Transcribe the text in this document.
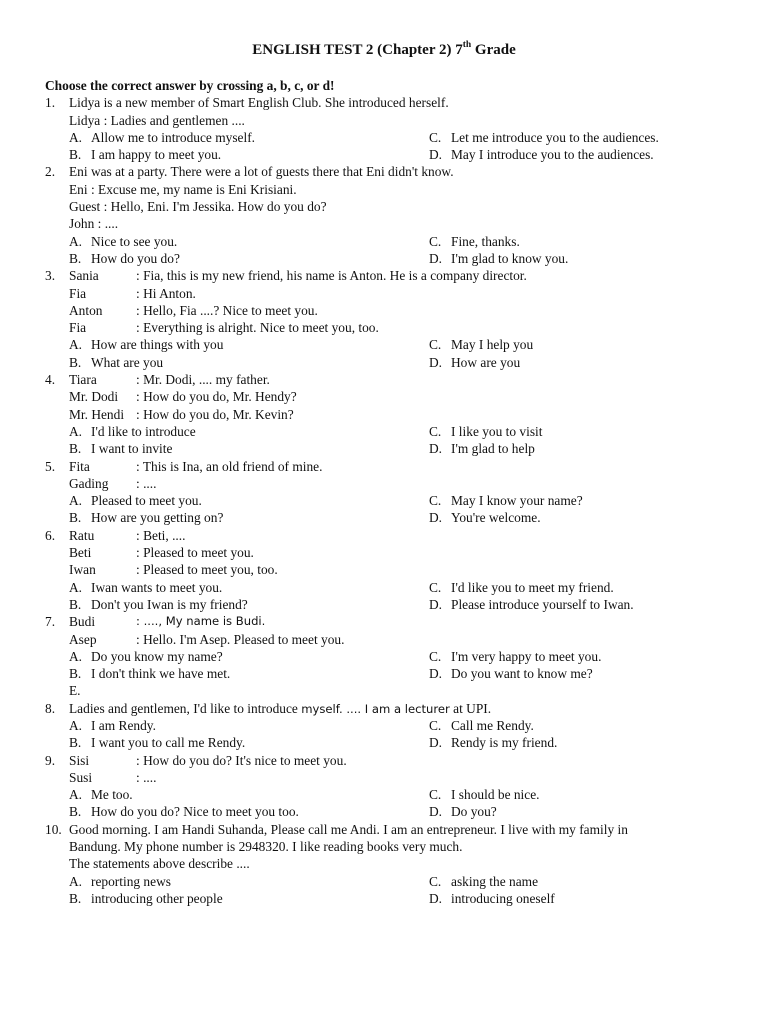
ENGLISH TEST 2 (Chapter 2) 7th Grade
Choose the correct answer by crossing a, b, c, or d!
1. Lidya is a new member of Smart English Club. She introduced herself.
Lidya : Ladies and gentlemen ....
A. Allow me to introduce myself.	C. Let me introduce you to the audiences.
B. I am happy to meet you.	D. May I introduce you to the audiences.
2. Eni was at a party. There were a lot of guests there that Eni didn't know.
Eni : Excuse me, my name is Eni Krisiani.
Guest : Hello, Eni. I'm Jessika. How do you do?
John : ....
A. Nice to see you.	C. Fine, thanks.
B. How do you do?	D. I'm glad to know you.
3. Sania	: Fia, this is my new friend, his name is Anton. He is a company director.
Fia	: Hi Anton.
Anton	: Hello, Fia ....? Nice to meet you.
Fia	: Everything is alright. Nice to meet you, too.
A. How are things with you	C. May I help you
B. What are you	D. How are you
4. Tiara	: Mr. Dodi, .... my father.
Mr. Dodi : How do you do, Mr. Hendy?
Mr. Hendi : How do you do, Mr. Kevin?
A. I'd like to introduce	C. I like you to visit
B. I want to invite	D. I'm glad to help
5. Fita	: This is Ina, an old friend of mine.
Gading : ....
A. Pleased to meet you.	C. May I know your name?
B. How are you getting on?	D. You're welcome.
6. Ratu	: Beti, ....
Beti	: Pleased to meet you.
Iwan	: Pleased to meet you, too.
A. Iwan wants to meet you.	C. I'd like you to meet my friend.
B. Don't you Iwan is my friend?	D. Please introduce yourself to Iwan.
7. Budi	: ...., My name is Budi.
Asep	: Hello. I'm Asep. Pleased to meet you.
A. Do you know my name?	C. I'm very happy to meet you.
B. I don't think we have met.	D. Do you want to know me?
E.
8. Ladies and gentlemen, I'd like to introduce myself. .... I am a lecturer at UPI.
A. I am Rendy.	C. Call me Rendy.
B. I want you to call me Rendy.	D. Rendy is my friend.
9. Sisi	: How do you do? It's nice to meet you.
Susi	: ....
A. Me too.	C. I should be nice.
B. How do you do? Nice to meet you too.	D. Do you?
10. Good morning. I am Handi Suhanda, Please call me Andi. I am an entrepreneur. I live with my family in
Bandung. My phone number is 2948320. I like reading books very much.
The statements above describe ....
A. reporting news	C. asking the name
B. introducing other people	D. introducing oneself
